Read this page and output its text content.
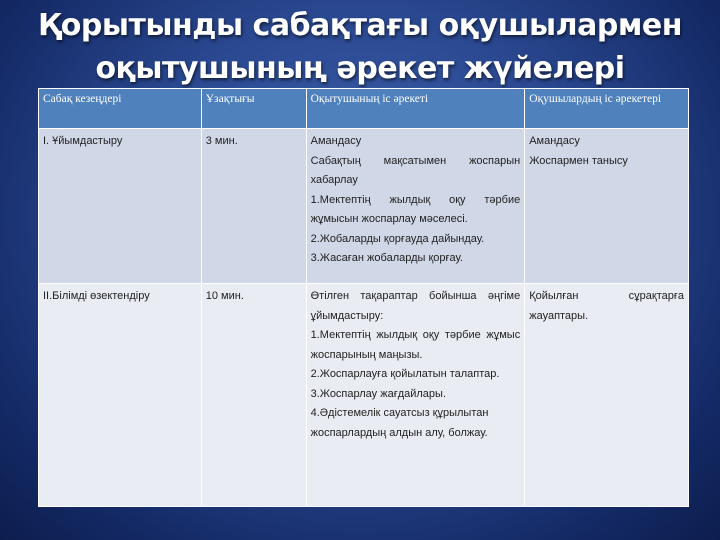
Қорытынды сабақтағы оқушылармен
оқытушының әрекет жүйелері
Сабақ кезеңдері	Ұзақтығы	Оқытушының іс әрекеті	Оқушылардың іс әрекетері
I. Ұйымдастыру	3 мин.	Амандасу
Сабақтың мақсатымен жоспарын хабарлау
1.Мектептің жылдық оқу тәрбие жұмысын жоспарлау мәселесі.
2.Жобаларды қорғауда дайындау.
3.Жасаған жобаларды қорғау.	Амандасу
Жоспармен танысу

II.Білімді өзектендіру	10 мин.	Өтілген тақараптар бойынша әңгіме ұйымдастыру:
1.Мектептің жылдық оқу тәрбие жұмыс жоспарының маңызы.
2.Жоспарлауға қойылатын талаптар.
3.Жоспарлау жағдайлары.
4.Әдістемелік сауатсыз құрылытан жоспарлардың алдын алу, болжау.	Қойылған сұрақтарға жауаптары.
